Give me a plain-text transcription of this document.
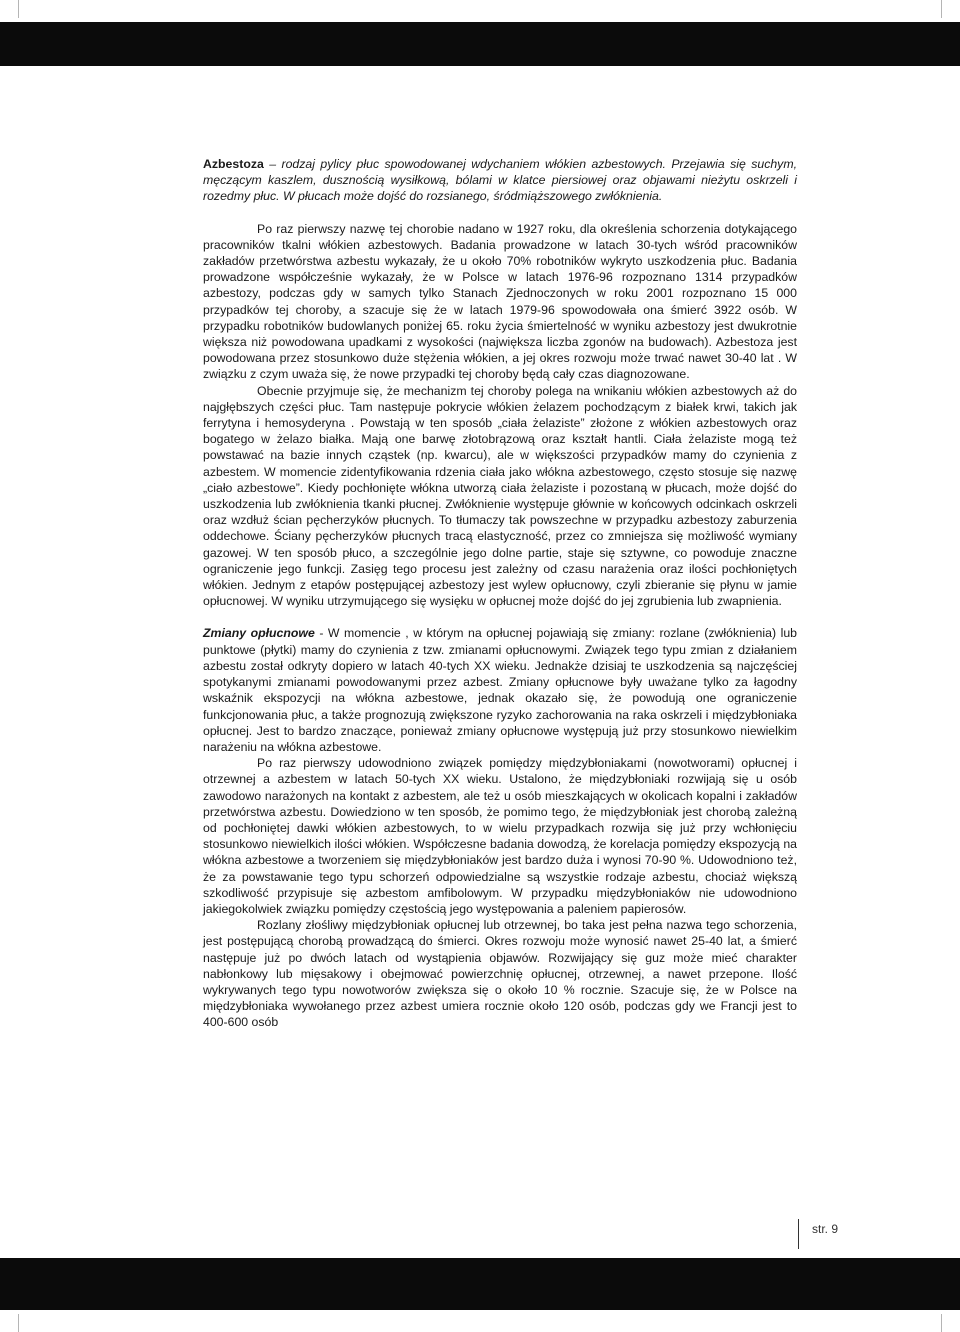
Azbestoza – rodzaj pylicy płuc spowodowanej wdychaniem włókien azbestowych. Przejawia się suchym, męczącym kaszlem, dusznością wysiłkową, bólami w klatce piersiowej oraz objawami nieżytu oskrzeli i rozedmy płuc. W płucach może dojść do rozsianego, śródmiąższowego zwłóknienia.

Po raz pierwszy nazwę tej chorobie nadano w 1927 roku, dla określenia schorzenia dotykającego pracowników tkalni włókien azbestowych. Badania prowadzone w latach 30-tych wśród pracowników zakładów przetwórstwa azbestu wykazały, że u około 70% robotników wykryto uszkodzenia płuc. Badania prowadzone współcześnie wykazały, że w Polsce w latach 1976-96 rozpoznano 1314 przypadków azbestozy, podczas gdy w samych tylko Stanach Zjednoczonych w roku 2001 rozpoznano 15 000 przypadków tej choroby, a szacuje się że w latach 1979-96 spowodowała ona śmierć 3922 osób. W przypadku robotników budowlanych poniżej 65. roku życia śmiertelność w wyniku azbestozy jest dwukrotnie większa niż powodowana upadkami z wysokości (największa liczba zgonów na budowach). Azbestoza jest powodowana przez stosunkowo duże stężenia włókien, a jej okres rozwoju może trwać nawet 30-40 lat . W związku z czym uważa się, że nowe przypadki tej choroby będą cały czas diagnozowane.

Obecnie przyjmuje się, że mechanizm tej choroby polega na wnikaniu włókien azbestowych aż do najgłębszych części płuc. Tam następuje pokrycie włókien żelazem pochodzącym z białek krwi, takich jak ferrytyna i hemosyderyna . Powstają w ten sposób „ciała żelaziste” złożone z włókien azbestowych oraz bogatego w żelazo białka. Mają one barwę złotobrązową oraz kształt hantli. Ciała żelaziste mogą też powstawać na bazie innych cząstek (np. kwarcu), ale w większości przypadków mamy do czynienia z azbestem. W momencie zidentyfikowania rdzenia ciała jako włókna azbestowego, często stosuje się nazwę „ciało azbestowe”. Kiedy pochłonięte włókna utworzą ciała żelaziste i pozostaną w płucach, może dojść do uszkodzenia lub zwłóknienia tkanki płucnej. Zwłóknienie występuje głównie w końcowych odcinkach oskrzeli oraz wzdłuż ścian pęcherzyków płucnych. To tłumaczy tak powszechne w przypadku azbestozy zaburzenia oddechowe. Ściany pęcherzyków płucnych tracą elastyczność, przez co zmniejsza się możliwość wymiany gazowej. W ten sposób płuco, a szczególnie jego dolne partie, staje się sztywne, co powoduje znaczne ograniczenie jego funkcji. Zasięg tego procesu jest zależny od czasu narażenia oraz ilości pochłoniętych włókien. Jednym z etapów postępującej azbestozy jest wylew opłucnowy, czyli zbieranie się płynu w jamie opłucnowej. W wyniku utrzymującego się wysięku w opłucnej może dojść do jej zgrubienia lub zwapnienia.

Zmiany opłucnowe - W momencie , w którym na opłucnej pojawiają się zmiany: rozlane (zwłóknienia) lub punktowe (płytki) mamy do czynienia z tzw. zmianami opłucnowymi. Związek tego typu zmian z działaniem azbestu został odkryty dopiero w latach 40-tych XX wieku. Jednakże dzisiaj te uszkodzenia są najczęściej spotykanymi zmianami powodowanymi przez azbest. Zmiany opłucnowe były uważane tylko za łagodny wskaźnik ekspozycji na włókna azbestowe, jednak okazało się, że powodują one ograniczenie funkcjonowania płuc, a także prognozują zwiększone ryzyko zachorowania na raka oskrzeli i międzybłoniaka opłucnej. Jest to bardzo znaczące, ponieważ zmiany opłucnowe występują już przy stosunkowo niewielkim narażeniu na włókna azbestowe.

Po raz pierwszy udowodniono związek pomiędzy międzybłoniakami (nowotworami) opłucnej i otrzewnej a azbestem w latach 50-tych XX wieku. Ustalono, że międzybłoniaki rozwijają się u osób zawodowo narażonych na kontakt z azbestem, ale też u osób mieszkających w okolicach kopalni i zakładów przetwórstwa azbestu. Dowiedziono w ten sposób, że pomimo tego, że międzybłoniak jest chorobą zależną od pochłoniętej dawki włókien azbestowych, to w wielu przypadkach rozwija się już przy wchłonięciu stosunkowo niewielkich ilości włókien. Współczesne badania dowodzą, że korelacja pomiędzy ekspozycją na włókna azbestowe a tworzeniem się międzybłoniaków jest bardzo duża i wynosi 70-90 %. Udowodniono też, że za powstawanie tego typu schorzeń odpowiedzialne są wszystkie rodzaje azbestu, chociaż większą szkodliwość przypisuje się azbestom amfibolowym. W przypadku międzybłoniaków nie udowodniono jakiegokolwiek związku pomiędzy częstością jego występowania a paleniem papierosów.

Rozlany złośliwy międzybłoniak opłucnej lub otrzewnej, bo taka jest pełna nazwa tego schorzenia, jest postępującą chorobą prowadzącą do śmierci. Okres rozwoju może wynosić nawet 25-40 lat, a śmierć następuje już po dwóch latach od wystąpienia objawów. Rozwijający się guz może mieć charakter nabłonkowy lub mięsakowy i obejmować powierzchnię opłucnej, otrzewnej, a nawet przepone. Ilość wykrywanych tego typu nowotworów zwiększa się o około 10 % rocznie. Szacuje się, że w Polsce na międzybłoniaka wywołanego przez azbest umiera rocznie około 120 osób, podczas gdy we Francji jest to 400-600 osób

str. 9
